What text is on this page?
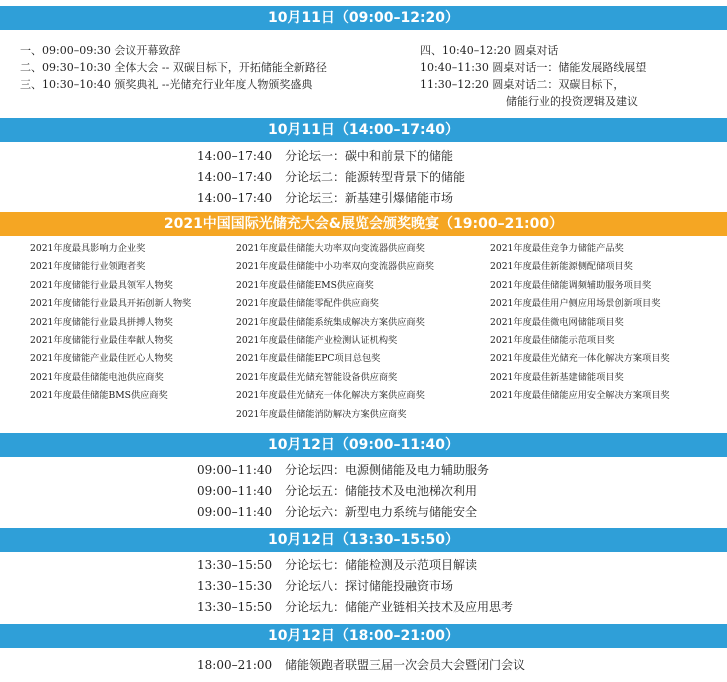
10月11日（09:00–12:20）
一、09:00–09:30 会议开幕致辞
二、09:30–10:30 全体大会 -- 双碳目标下，开拓储能全新路径
三、10:30–10:40 颁奖典礼 --光储充行业年度人物颁奖盛典
四、10:40–12:20 圆桌对话
10:40–11:30 圆桌对话一：储能发展路线展望
11:30–12:20 圆桌对话二：双碳目标下，
储能行业的投资逻辑及建议
10月11日（14:00–17:40）
14:00–17:40 分论坛一：碳中和前景下的储能
14:00–17:40 分论坛二：能源转型背景下的储能
14:00–17:40 分论坛三：新基建引爆储能市场
2021中国国际光储充大会&展览会颁奖晚宴（19:00–21:00）
2021年度最具影响力企业奖
2021年度储能行业领跑者奖
2021年度储能行业最具领军人物奖
2021年度储能行业最具开拓创新人物奖
2021年度储能行业最具拼搏人物奖
2021年度储能行业最佳奉献人物奖
2021年度储能产业最佳匠心人物奖
2021年度最佳储能电池供应商奖
2021年度最佳储能BMS供应商奖
2021年度最佳储能大功率双向变流器供应商奖
2021年度最佳储能中小功率双向变流器供应商奖
2021年度最佳储能EMS供应商奖
2021年度最佳储能零配件供应商奖
2021年度最佳储能系统集成解决方案供应商奖
2021年度最佳储能产业检测认证机构奖
2021年度最佳储能EPC项目总包奖
2021年度最佳光储充智能设备供应商奖
2021年度最佳光储充一体化解决方案供应商奖
2021年度最佳储能消防解决方案供应商奖
2021年度最佳竞争力储能产品奖
2021年度最佳新能源侧配储项目奖
2021年度最佳储能调频辅助服务项目奖
2021年度最佳用户侧应用场景创新项目奖
2021年度最佳微电网储能项目奖
2021年度最佳储能示范项目奖
2021年度最佳光储充一体化解决方案项目奖
2021年度最佳新基建储能项目奖
2021年度最佳储能应用安全解决方案项目奖
10月12日（09:00–11:40）
09:00–11:40 分论坛四：电源侧储能及电力辅助服务
09:00–11:40 分论坛五：储能技术及电池梯次利用
09:00–11:40 分论坛六：新型电力系统与储能安全
10月12日（13:30–15:50）
13:30–15:50 分论坛七：储能检测及示范项目解读
13:30–15:30 分论坛八：探讨储能投融资市场
13:30–15:50 分论坛九：储能产业链相关技术及应用思考
10月12日（18:00–21:00）
18:00–21:00 储能领跑者联盟三届一次会员大会暨闭门会议
